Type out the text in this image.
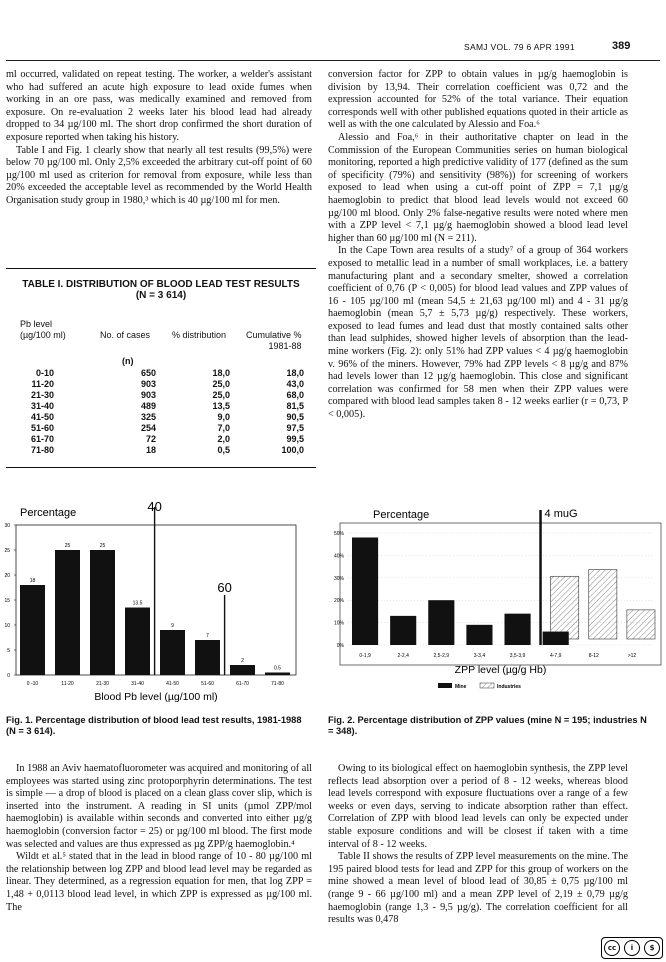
SAMJ VOL. 79 6 APR 1991	389

ml occurred, validated on repeat testing. The worker, a welder's assistant who had suffered an acute high exposure to lead oxide fumes when working in an ore pass, was medically examined and removed from exposure. On re-evaluation 2 weeks later his blood lead had already dropped to 34 µg/100 ml. The short drop confirmed the short duration of exposure reported when taking his history.

Table I and Fig. 1 clearly show that nearly all test results (99,5%) were below 70 µg/100 ml. Only 2,5% exceeded the arbitrary cut-off point of 60 µg/100 ml used as criterion for removal from exposure, while less than 20% exceeded the acceptable level as recommended by the World Health Organisation study group in 1980,³ which is 40 µg/100 ml for men.

conversion factor for ZPP to obtain values in µg/g haemoglobin is division by 13,94. Their correlation coefficient was 0,72 and the expression accounted for 52% of the total variance. Their equation corresponds well with other published equations quoted in their article as well as with the one calculated by Alessio and Foa.⁶

Alessio and Foa,⁶ in their authoritative chapter on lead in the Commission of the European Communities series on human biological monitoring, reported a high predictive validity of 177 (defined as the sum of specificity (79%) and sensitivity (98%)) for screening of workers exposed to lead when using a cut-off point of ZPP = 7,1 µg/g haemoglobin to predict that blood lead levels would not exceed 60 µg/100 ml blood. Only 2% false-negative results were noted where men with a ZPP level < 7,1 µg/g haemoglobin showed a blood lead level higher than 60 µg/100 ml (N = 211).

In the Cape Town area results of a study⁷ of a group of 364 workers exposed to metallic lead in a number of small workplaces, i.e. a battery manufacturing plant and a secondary smelter, showed a correlation coefficient of 0,76 (P < 0,005) for blood lead values and ZPP values of 16 - 105 µg/100 ml (mean 54,5 ± 21,63 µg/100 ml) and 4 - 31 µg/g haemoglobin (mean 5,7 ± 5,73 µg/g) respectively. These workers, exposed to lead fumes and lead dust that mostly contained salts other than lead sulphides, showed higher levels of absorption than the lead-mine workers (Fig. 2): only 51% had ZPP values < 4 µg/g haemoglobin v. 96% of the miners. However, 79% had ZPP levels < 8 µg/g and 87% had levels lower than 12 µg/g haemoglobin. This close and significant correlation was confirmed for 58 men when their ZPP values were compared with blood lead samples taken 8 - 12 weeks earlier (r = 0,73, P < 0,005).

TABLE I. DISTRIBUTION OF BLOOD LEAD TEST RESULTS
(N = 3 614)
Pb level
(µg/100 ml)	No. of cases % distribution Cumulative %
1981-88
(n)
0-10	650	18,0	18,0
11-20	903	25,0	43,0
21-30	903	25,0	68,0
31-40	489	13,5	81,5
41-50	325	9,0	90,5
51-60	254	7,0	97,5
61-70	72	2,0	99,5
71-80	18	0,5	100,0
Percentage
0
5
10
15
20
25
30
18
0 -10
25
11-20
25
21-30
13.5
31-40
9
41-50
7
51-60
2
61-70
0.5
71-80
40
60
Blood Pb level (µg/100 ml)
Fig. 1. Percentage distribution of blood lead test results, 1981-1988 (N = 3 614).
Percentage
0%
10%
20%
30%
40%
50%
0-1,9	2-2,4	2,5-2,9	3-3,4	3,5-3,9	4-7,9	8-12	>12
4 muG
ZPP level (µg/g Hb)
Mine	Industries
Fig. 2. Percentage distribution of ZPP values (mine N = 195; industries N = 348).

In 1988 an Aviv haematofluorometer was acquired and monitoring of all employees was started using zinc protoporphyrin determinations. The test is simple — a drop of blood is placed on a clean glass cover slip, which is inserted into the instrument. A reading in SI units (µmol ZPP/mol haemoglobin) is available within seconds and converted into either µg/g haemoglobin (conversion factor = 25) or µg/100 ml blood. The first mode was selected and values are thus expressed as µg ZPP/g haemoglobin.⁴

Wildt et al.⁵ stated that in the lead in blood range of 10 - 80 µg/100 ml the relationship between log ZPP and blood lead level may be regarded as linear. They determined, as a regression equation for men, that log ZPP = 1,48 + 0,0113 blood lead level, in which ZPP is expressed as µg/100 ml. The

Owing to its biological effect on haemoglobin synthesis, the ZPP level reflects lead absorption over a period of 8 - 12 weeks, whereas blood lead levels correspond with exposure fluctuations over a range of a few weeks or even days, serving to indicate absorption rather than effect. Correlation of ZPP with blood lead levels can only be expected under stable exposure conditions and will be closest if taken with a time interval of 8 - 12 weeks.

Table II shows the results of ZPP level measurements on the mine. The 195 paired blood tests for lead and ZPP for this group of workers on the mine showed a mean level of blood lead of 30,85 ± 0,75 µg/100 ml (range 9 - 66 µg/100 ml) and a mean ZPP level of 2,19 ± 0,79 µg/g haemoglobin (range 1,3 - 9,5 µg/g). The correlation coefficient for all results was 0,478

cc	i	$
